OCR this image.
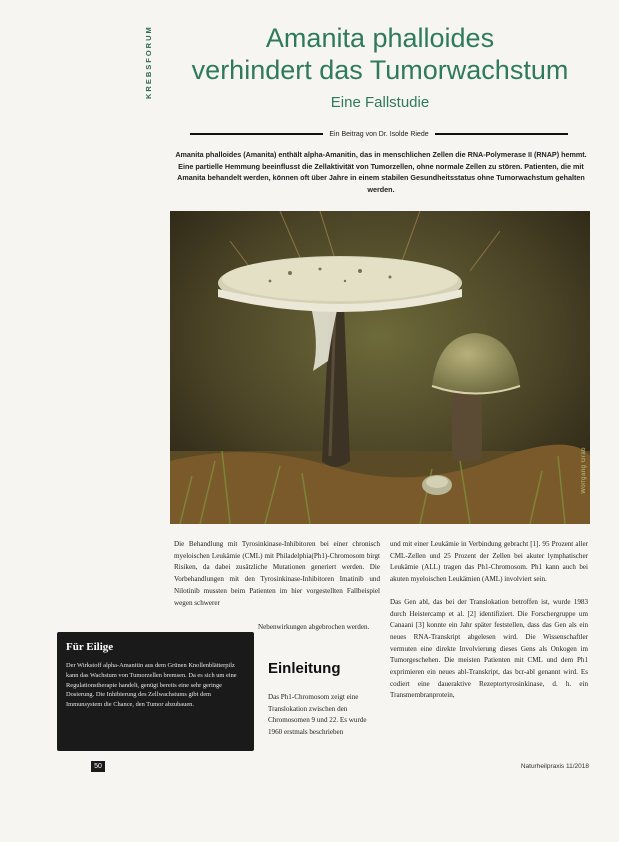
KREBSFORUM	Amanita phalloides
verhindert das Tumorwachstum
Eine Fallstudie
Ein Beitrag von Dr. Isolde Riede
Amanita phalloides (Amanita) enthält alpha-Amanitin, das in menschlichen Zellen die RNA-Polymerase II (RNAP) hemmt. Eine partielle Hemmung beeinflusst die Zellaktivität von Tumorzellen, ohne normale Zellen zu stören. Patienten, die mit Amanita behandelt werden, können oft über Jahre in einem stabilen Gesundheitsstatus ohne Tumorwachstum gehalten werden.
Wolfgang Gräb

Die Behandlung mit Tyrosinkinase-Inhibitoren bei einer chronisch myeloischen Leukämie (CML) mit Philadelphia(Ph1)-Chromosom birgt Risiken, da dabei zusätzliche Mutationen generiert werden. Die Vorbehandlungen mit den Tyrosinkinase-Inhibitoren Imatinib und Nilotinib mussten beim Patienten im hier vorgestellten Fallbeispiel wegen schwerer

Nebenwirkungen abgebrochen werden.

und mit einer Leukämie in Verbindung gebracht [1]. 95 Prozent aller CML-Zellen und 25 Prozent der Zellen bei akuter lymphatischer Leukämie (ALL) tragen das Ph1-Chromosom. Ph1 kann auch bei akuten myeloischen Leukämien (AML) involviert sein.

Das Gen abl, das bei der Translokation betroffen ist, wurde 1983 durch Heistercamp et al. [2] identifiziert. Die Forschergruppe um Canaani [3] konnte ein Jahr später feststellen, dass das Gen als ein neues RNA-Transkript abgelesen wird. Die Wissenschaftler vermuten eine direkte Involvierung dieses Gens als Onkogen im Tumorgeschehen. Die meisten Patienten mit CML und dem Ph1 exprimieren ein neues abl-Transkript, das bcr-abl genannt wird. Es codiert eine daueraktive Rezeptortyrosinkinase, d. h. ein Transmembranprotein,

Einleitung

Das Ph1-Chromosom zeigt eine Translokation zwischen den Chromosomen 9 und 22. Es wurde 1960 erstmals beschrieben

Für Eilige
Der Wirkstoff alpha-Amanitin aus dem Grünen Knollenblätterpilz kann das Wachstum von Tumorzellen bremsen. Da es sich um eine Regulationstherapie handelt, genügt bereits eine sehr geringe Dosierung. Die Inhibierung des Zellwachstums gibt dem Immunsystem die Chance, den Tumor abzubauen.
50	Naturheilpraxis 11/2018
